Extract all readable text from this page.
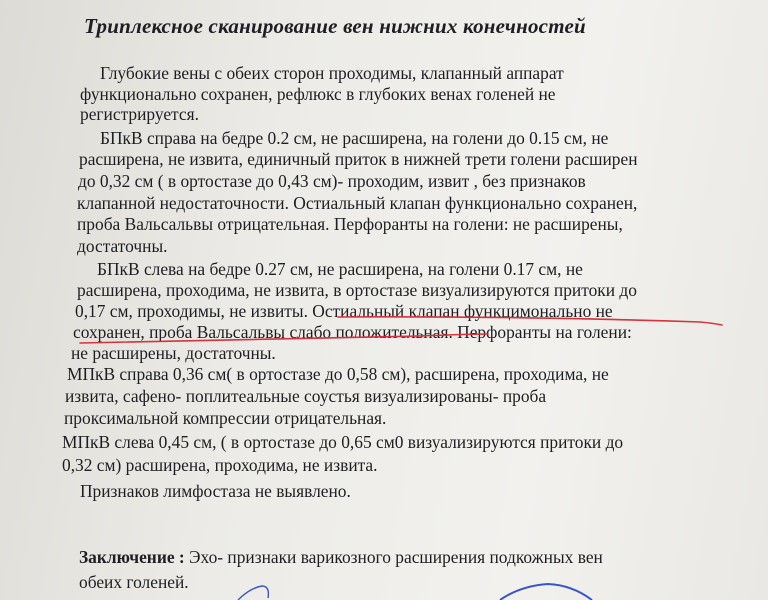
Триплексное сканирование вен нижних конечностей
Глубокие вены с обеих сторон проходимы, клапанный аппарат
функционально сохранен, рефлюкс в глубоких венах голеней не
регистрируется.
БПкВ справа на бедре 0.2 см, не расширена, на голени до 0.15 см, не
расширена, не извита, единичный приток в нижней трети голени расширен
до 0,32 см ( в ортостазе до 0,43 см)- проходим, извит , без признаков
клапанной недостаточности. Остиальный клапан функционально сохранен,
проба Вальсальвы отрицательная. Перфоранты на голени: не расширены,
достаточны.
БПкВ слева на бедре 0.27 см, не расширена, на голени 0.17 см, не
расширена, проходима, не извита, в ортостазе визуализируются притоки до
0,17 см, проходимы, не извиты. Остиальный клапан функцимонально не
сохранен, проба Вальсальвы слабо положительная. Перфоранты на голени:
не расширены, достаточны.
МПкВ справа 0,36 см( в ортостазе до 0,58 см), расширена, проходима, не
извита, сафено- поплитеальные соустья визуализированы- проба
проксимальной компрессии отрицательная.
МПкВ слева 0,45 см, ( в ортостазе до 0,65 см0 визуализируются притоки до
0,32 см) расширена, проходима, не извита.
Признаков лимфостаза не выявлено.
Заключение : Эхо- признаки варикозного расширения подкожных вен
обеих голеней.
